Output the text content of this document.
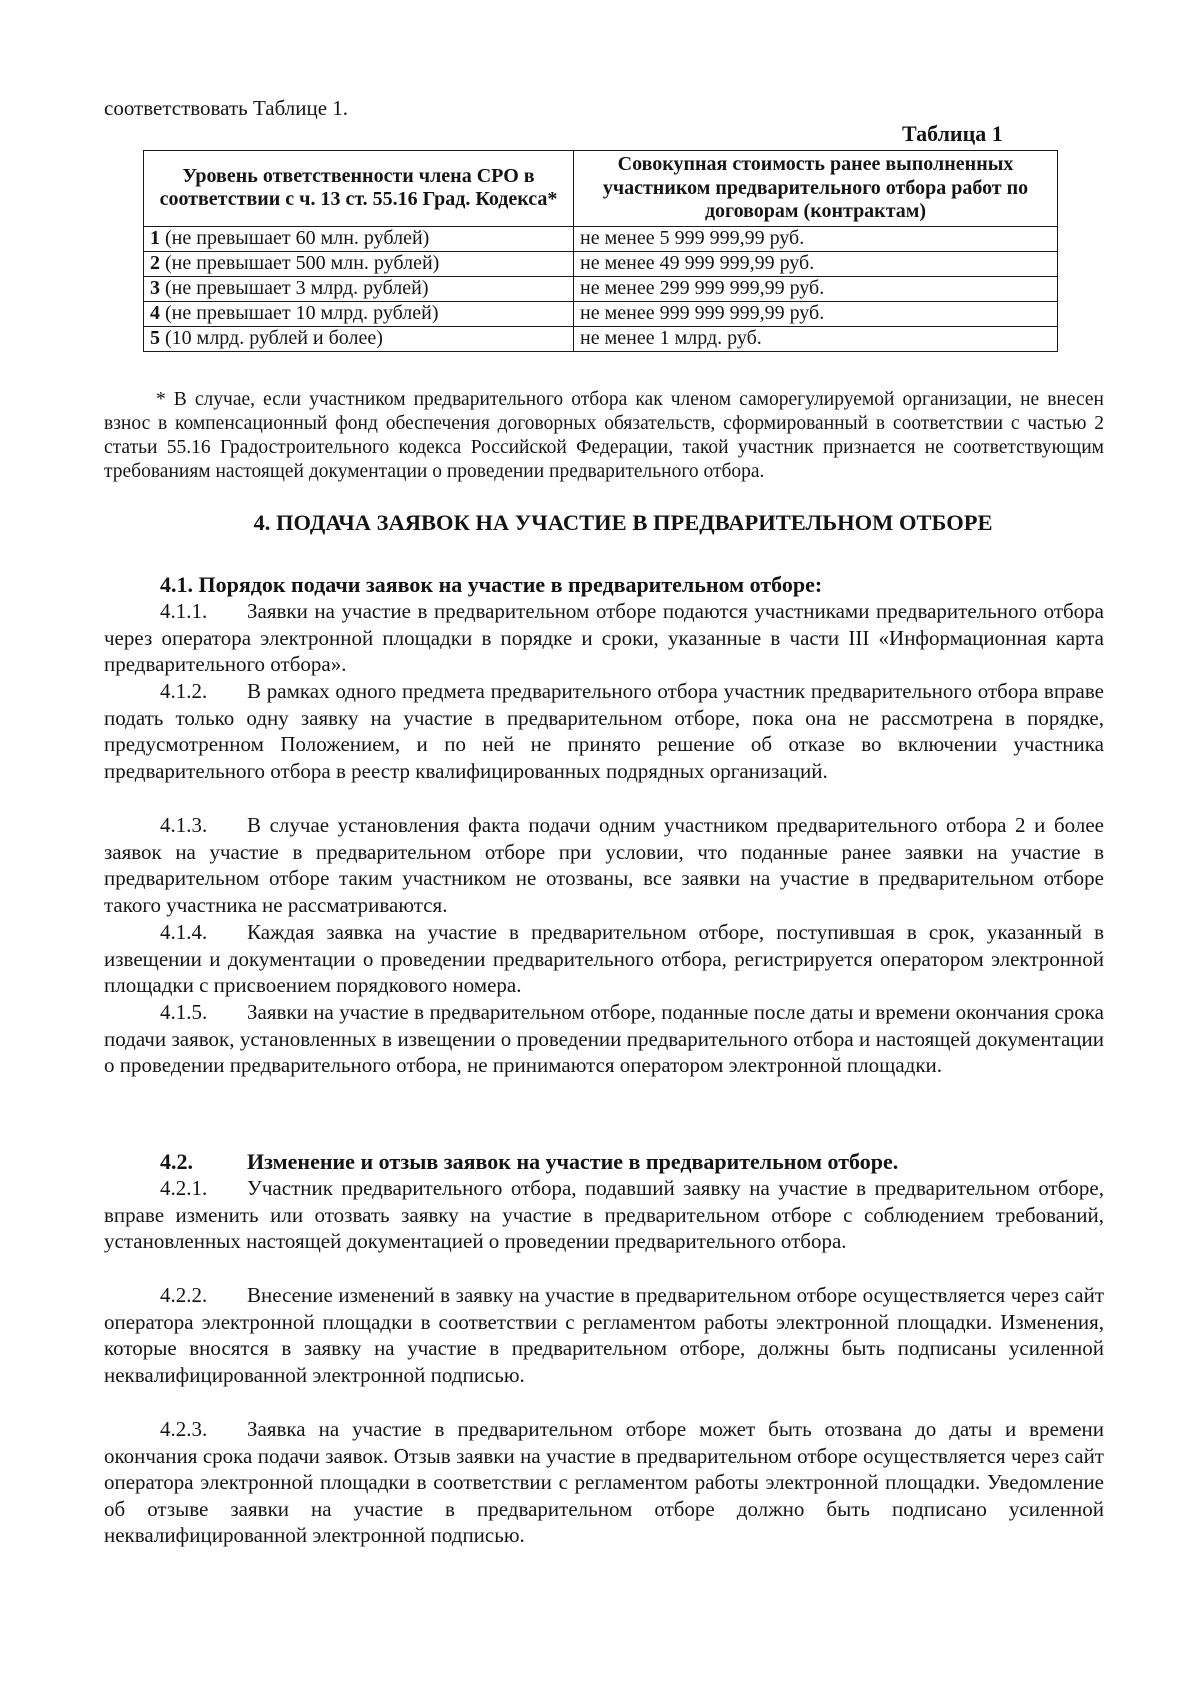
соответствовать Таблице 1.
Таблица 1
Уровень ответственности члена СРО в соответствии с ч. 13 ст. 55.16 Град. Кодекса*	Совокупная стоимость ранее выполненных участником предварительного отбора работ по договорам (контрактам)
1 (не превышает 60 млн. рублей)	не менее 5 999 999,99 руб.
2 (не превышает 500 млн. рублей)	не менее 49 999 999,99 руб.
3 (не превышает 3 млрд. рублей)	не менее 299 999 999,99 руб.
4 (не превышает 10 млрд. рублей)	не менее 999 999 999,99 руб.
5 (10 млрд. рублей и более)	не менее 1 млрд. руб.

* В случае, если участником предварительного отбора как членом саморегулируемой организации, не внесен взнос в компенсационный фонд обеспечения договорных обязательств, сформированный в соответствии с частью 2 статьи 55.16 Градостроительного кодекса Российской Федерации, такой участник признается не соответствующим требованиям настоящей документации о проведении предварительного отбора.

4. ПОДАЧА ЗАЯВОК НА УЧАСТИЕ В ПРЕДВАРИТЕЛЬНОМ ОТБОРЕ
4.1. Порядок подачи заявок на участие в предварительном отборе:

4.1.1. Заявки на участие в предварительном отборе подаются участниками предварительного отбора через оператора электронной площадки в порядке и сроки, указанные в части III «Информационная карта предварительного отбора».

4.1.2. В рамках одного предмета предварительного отбора участник предварительного отбора вправе подать только одну заявку на участие в предварительном отборе, пока она не рассмотрена в порядке, предусмотренном Положением, и по ней не принято решение об отказе во включении участника предварительного отбора в реестр квалифицированных подрядных организаций.

4.1.3. В случае установления факта подачи одним участником предварительного отбора 2 и более заявок на участие в предварительном отборе при условии, что поданные ранее заявки на участие в предварительном отборе таким участником не отозваны, все заявки на участие в предварительном отборе такого участника не рассматриваются.

4.1.4. Каждая заявка на участие в предварительном отборе, поступившая в срок, указанный в извещении и документации о проведении предварительного отбора, регистрируется оператором электронной площадки с присвоением порядкового номера.

4.1.5. Заявки на участие в предварительном отборе, поданные после даты и времени окончания срока подачи заявок, установленных в извещении о проведении предварительного отбора и настоящей документации о проведении предварительного отбора, не принимаются оператором электронной площадки.

4.2. Изменение и отзыв заявок на участие в предварительном отборе.

4.2.1. Участник предварительного отбора, подавший заявку на участие в предварительном отборе, вправе изменить или отозвать заявку на участие в предварительном отборе с соблюдением требований, установленных настоящей документацией о проведении предварительного отбора.

4.2.2. Внесение изменений в заявку на участие в предварительном отборе осуществляется через сайт оператора электронной площадки в соответствии с регламентом работы электронной площадки. Изменения, которые вносятся в заявку на участие в предварительном отборе, должны быть подписаны усиленной неквалифицированной электронной подписью.

4.2.3. Заявка на участие в предварительном отборе может быть отозвана до даты и времени окончания срока подачи заявок. Отзыв заявки на участие в предварительном отборе осуществляется через сайт оператора электронной площадки в соответствии с регламентом работы электронной площадки. Уведомление об отзыве заявки на участие в предварительном отборе должно быть подписано усиленной неквалифицированной электронной подписью.
